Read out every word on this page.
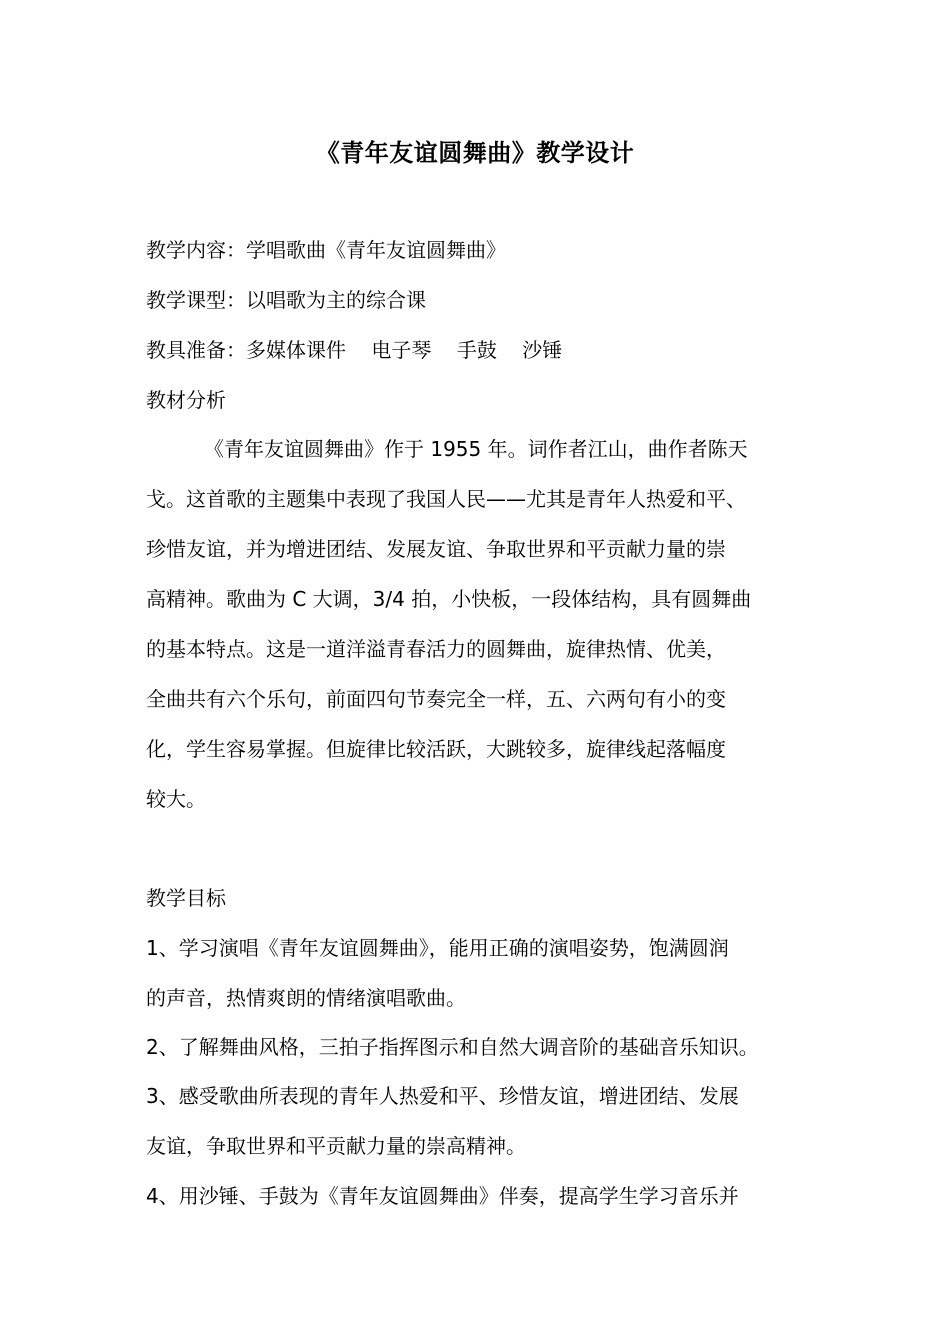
《青年友谊圆舞曲》教学设计
教学内容：学唱歌曲《青年友谊圆舞曲》
教学课型：以唱歌为主的综合课
教具准备：多媒体课件    电子琴    手鼓    沙锤
教材分析
《青年友谊圆舞曲》作于 1955 年。词作者江山，曲作者陈天
戈。这首歌的主题集中表现了我国人民——尤其是青年人热爱和平、
珍惜友谊，并为增进团结、发展友谊、争取世界和平贡献力量的崇
高精神。歌曲为 C 大调，3/4 拍，小快板，一段体结构，具有圆舞曲
的基本特点。这是一道洋溢青春活力的圆舞曲，旋律热情、优美，
全曲共有六个乐句，前面四句节奏完全一样，五、六两句有小的变
化，学生容易掌握。但旋律比较活跃，大跳较多，旋律线起落幅度
较大。
教学目标
1、学习演唱《青年友谊圆舞曲》，能用正确的演唱姿势，饱满圆润
的声音，热情爽朗的情绪演唱歌曲。
2、了解舞曲风格，三拍子指挥图示和自然大调音阶的基础音乐知识。
3、感受歌曲所表现的青年人热爱和平、珍惜友谊，增进团结、发展
友谊，争取世界和平贡献力量的崇高精神。
4、用沙锤、手鼓为《青年友谊圆舞曲》伴奏，提高学生学习音乐并
